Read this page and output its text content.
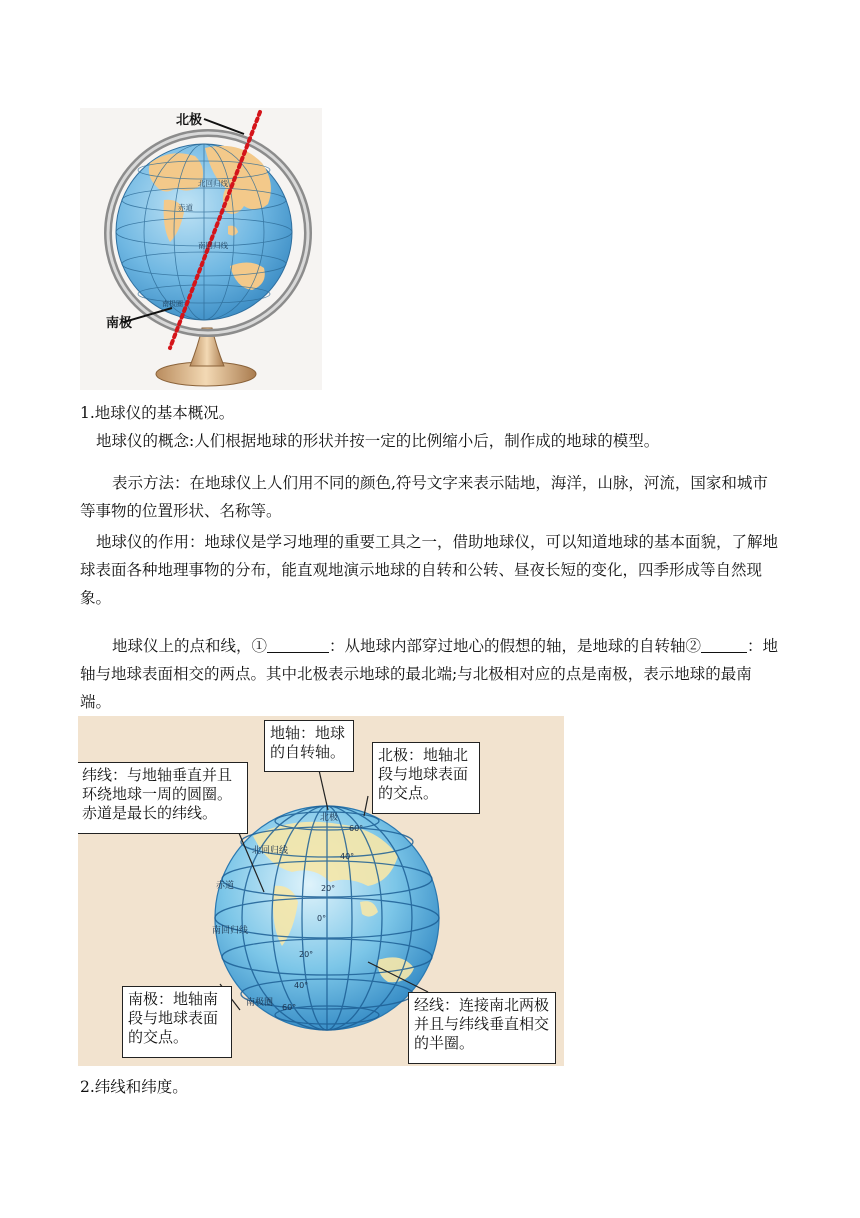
北极
南极
北回归线
赤道
南回归线
南极圈
1.地球仪的基本概况。
地球仪的概念:人们根据地球的形状并按一定的比例缩小后，制作成的地球的模型。
表示方法：在地球仪上人们用不同的颜色,符号文字来表示陆地，海洋，山脉，河流，国家和城市等事物的位置形状、名称等。
地球仪的作用：地球仪是学习地理的重要工具之一，借助地球仪，可以知道地球的基本面貌，了解地球表面各种地理事物的分布，能直观地演示地球的自转和公转、昼夜长短的变化，四季形成等自然现象。
地球仪上的点和线，①	：从地球内部穿过地心的假想的轴，是地球的自转轴②	：地轴与地球表面相交的两点。其中北极表示地球的最北端;与北极相对应的点是南极，表示地球的最南端。
北极
北回归线
赤道
南回归线
南极圈
60°
40°
20°
0°
20°
40°
60°
地轴：地球的自转轴。	北极：地轴北段与地球表面的交点。
纬线：与地轴垂直并且环绕地球一周的圆圈。赤道是最长的纬线。
南极：地轴南段与地球表面的交点。
经线：连接南北两极并且与纬线垂直相交的半圈。
2.纬线和纬度。
